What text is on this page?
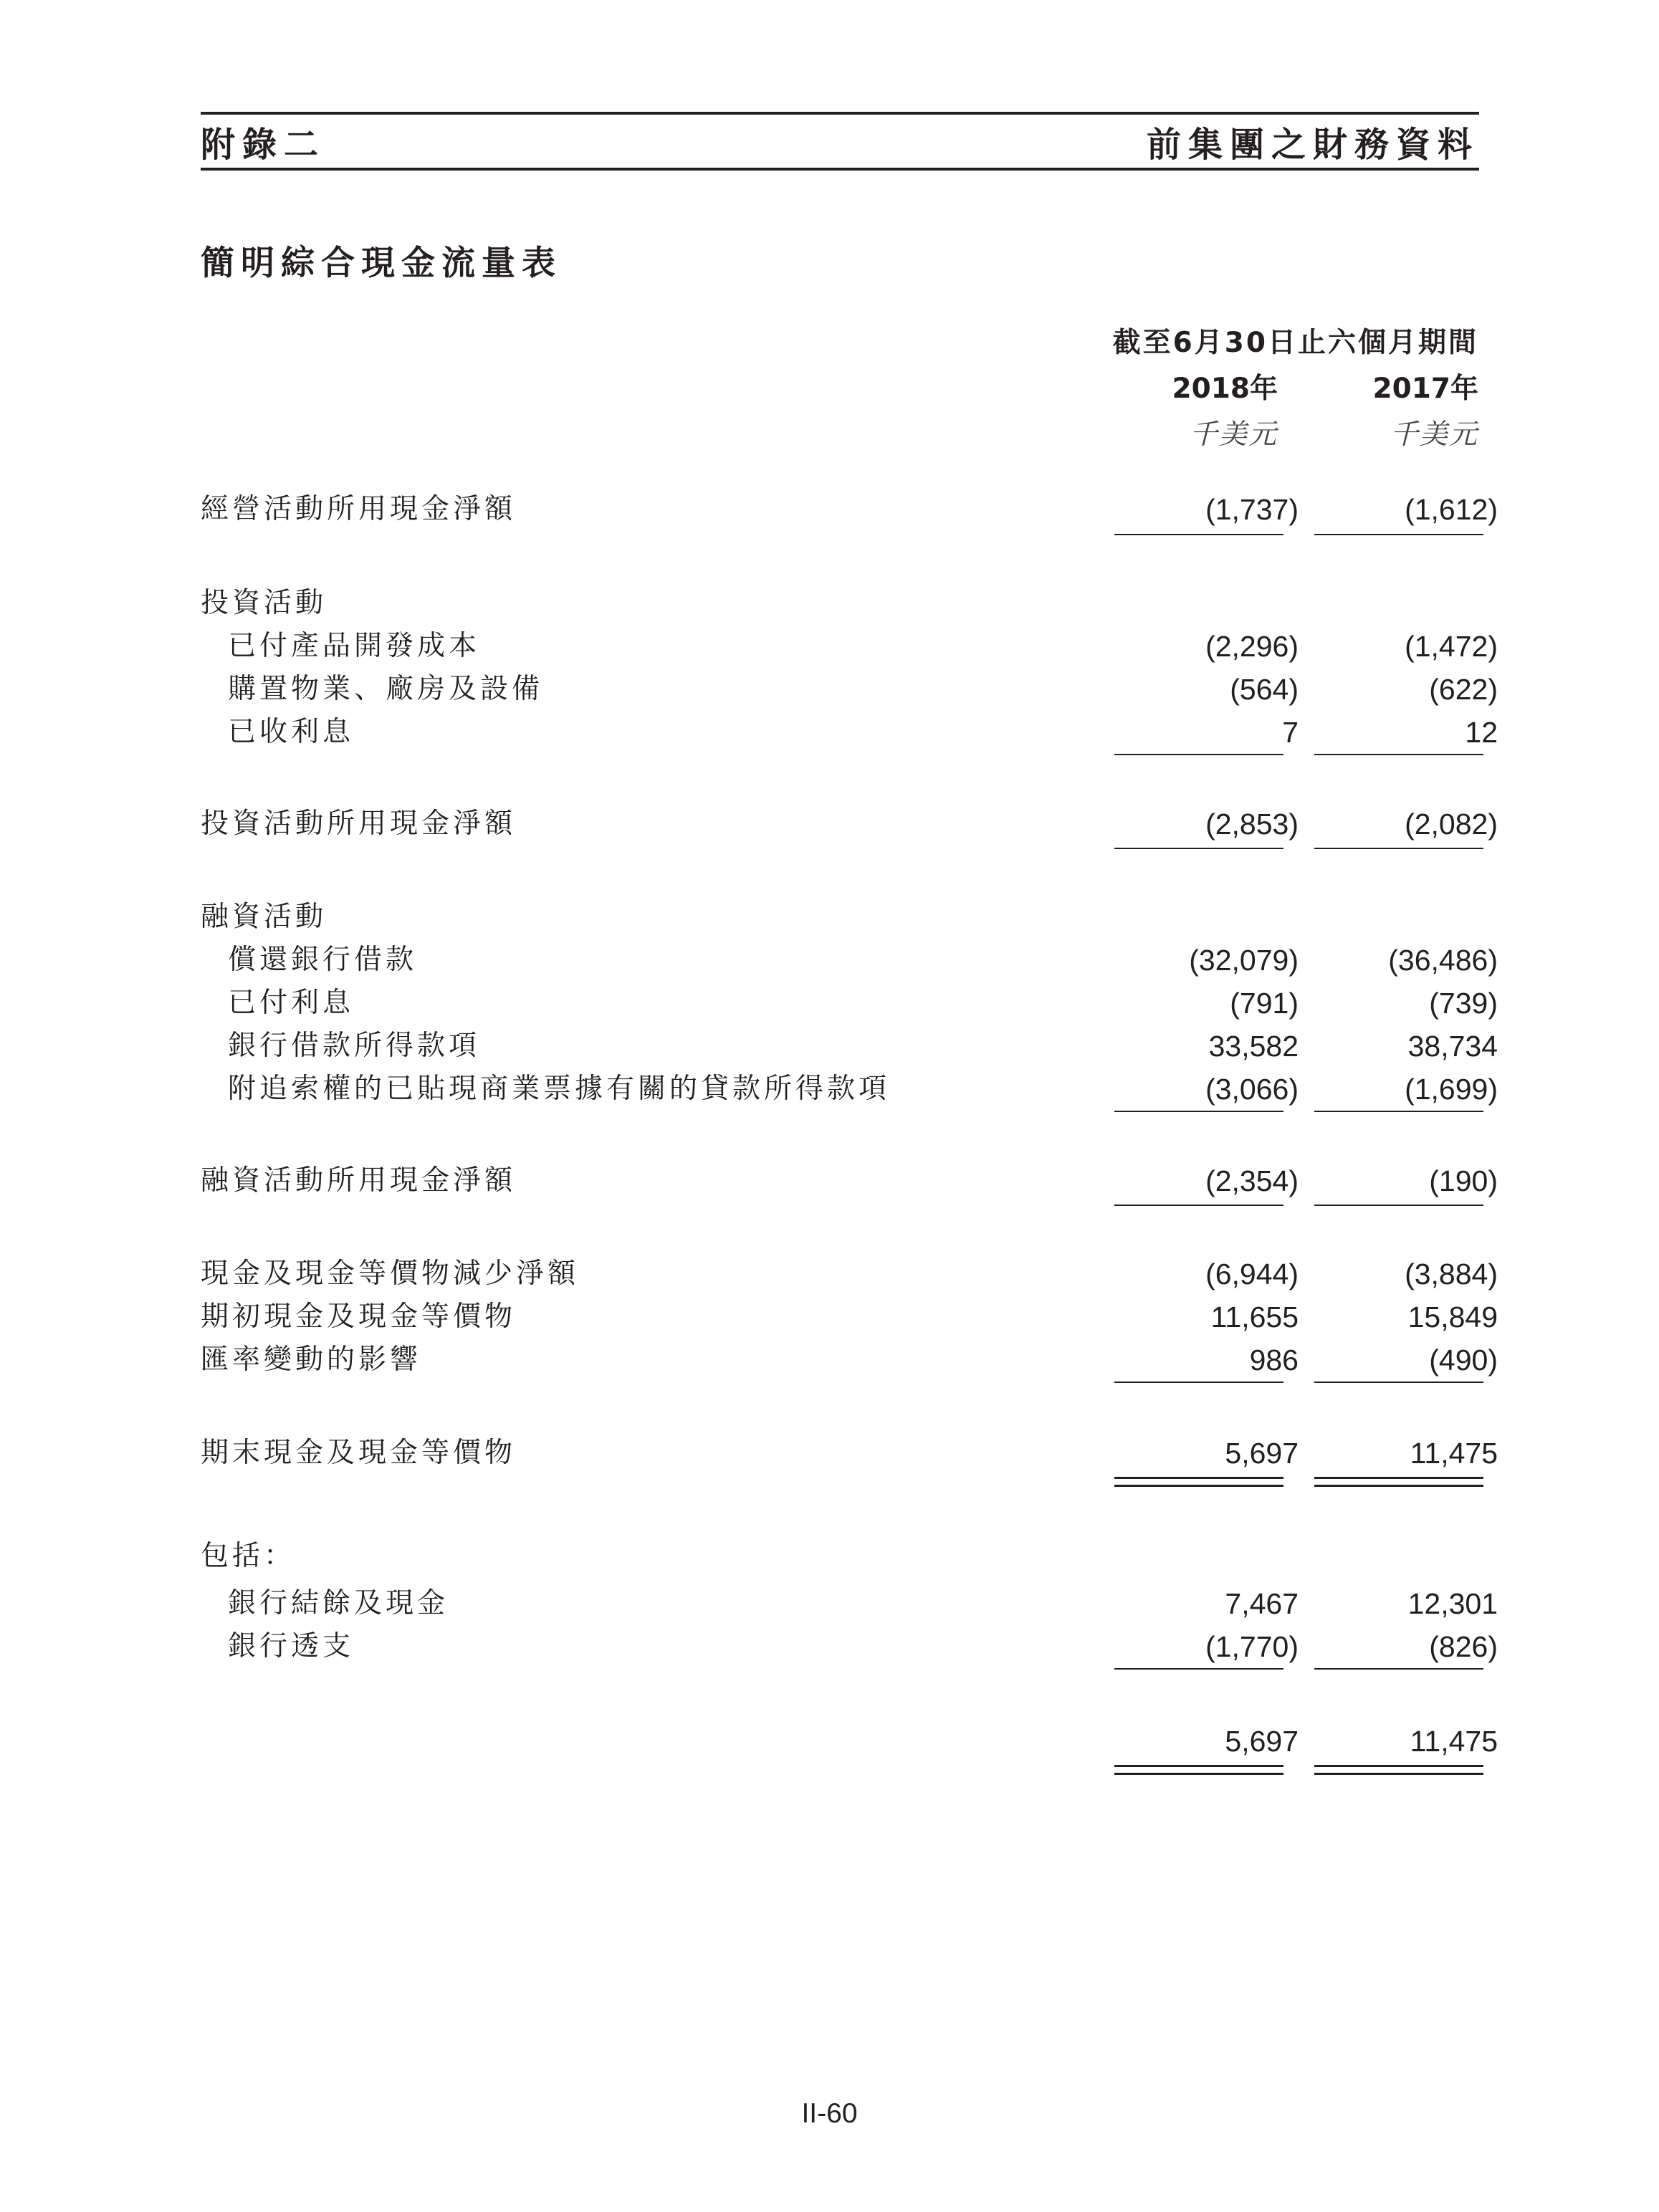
附錄二	前集團之財務資料
簡明綜合現金流量表
截至6月30日止六個月期間
2018年	2017年
千美元	千美元
經營活動所用現金淨額	(1,737)	(1,612)
投資活動
已付產品開發成本	(2,296)	(1,472)
購置物業、廠房及設備	(564)	(622)
已收利息	7	12
投資活動所用現金淨額	(2,853)	(2,082)
融資活動
償還銀行借款	(32,079)	(36,486)
已付利息	(791)	(739)
銀行借款所得款項	33,582	38,734
附追索權的已貼現商業票據有關的貸款所得款項	(3,066)	(1,699)
融資活動所用現金淨額	(2,354)	(190)
現金及現金等價物減少淨額	(6,944)	(3,884)
期初現金及現金等價物	11,655	15,849
匯率變動的影響	986	(490)
期末現金及現金等價物	5,697	11,475
包括：
銀行結餘及現金	7,467	12,301
銀行透支	(1,770)	(826)
5,697	11,475
II-60
